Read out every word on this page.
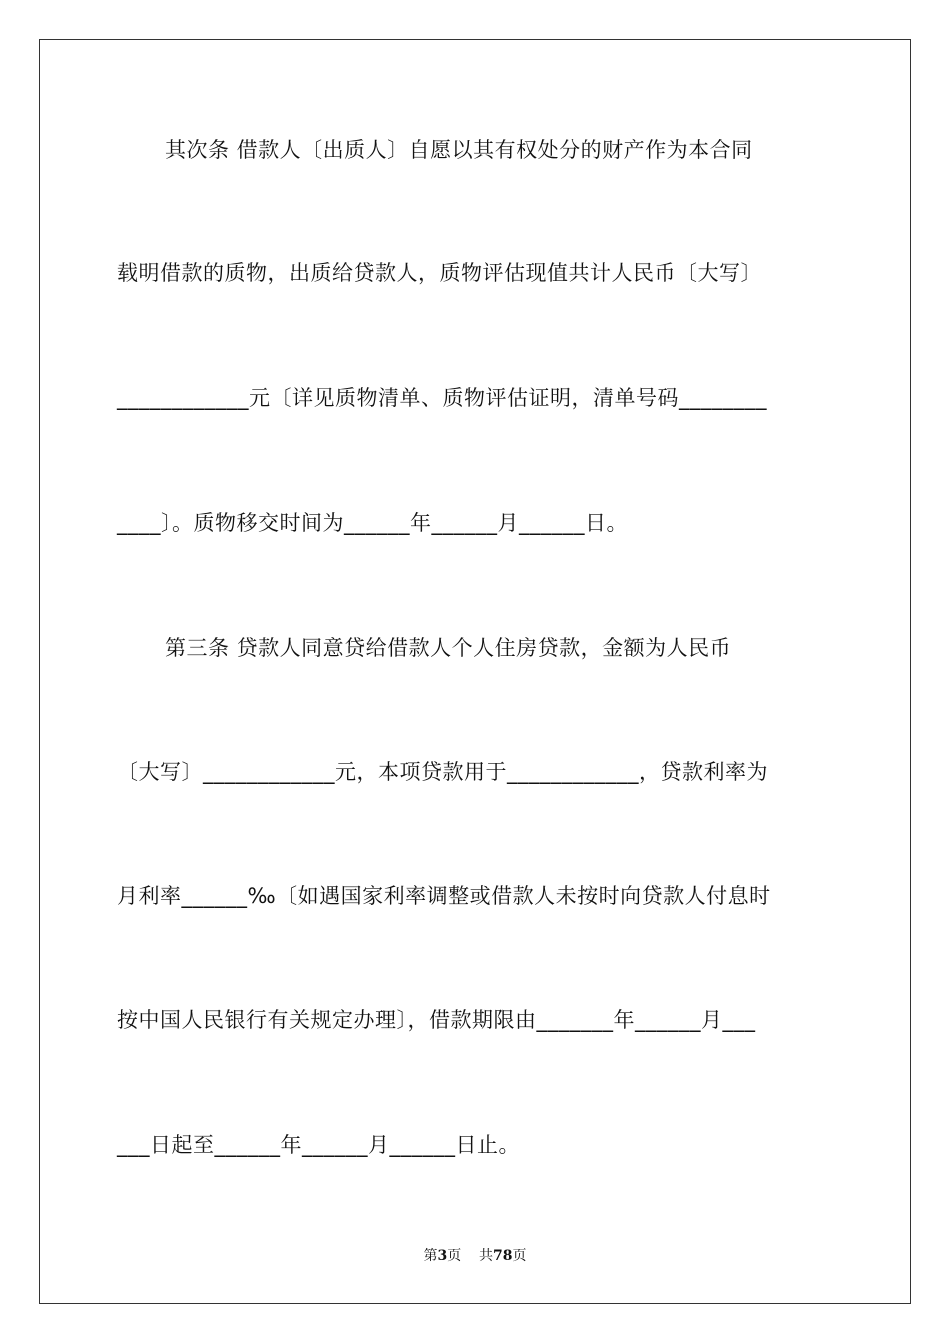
其次条 借款人〔出质人〕自愿以其有权处分的财产作为本合同
载明借款的质物，出质给贷款人，质物评估现值共计人民币〔大写〕
____________元〔详见质物清单、质物评估证明，清单号码________
____〕。质物移交时间为______年______月______日。
第三条 贷款人同意贷给借款人个人住房贷款，金额为人民币
〔大写〕____________元，本项贷款用于____________，贷款利率为
月利率______‰〔如遇国家利率调整或借款人未按时向贷款人付息时
按中国人民银行有关规定办理〕，借款期限由_______年______月___
___日起至______年______月______日止。
第3页 共78页
